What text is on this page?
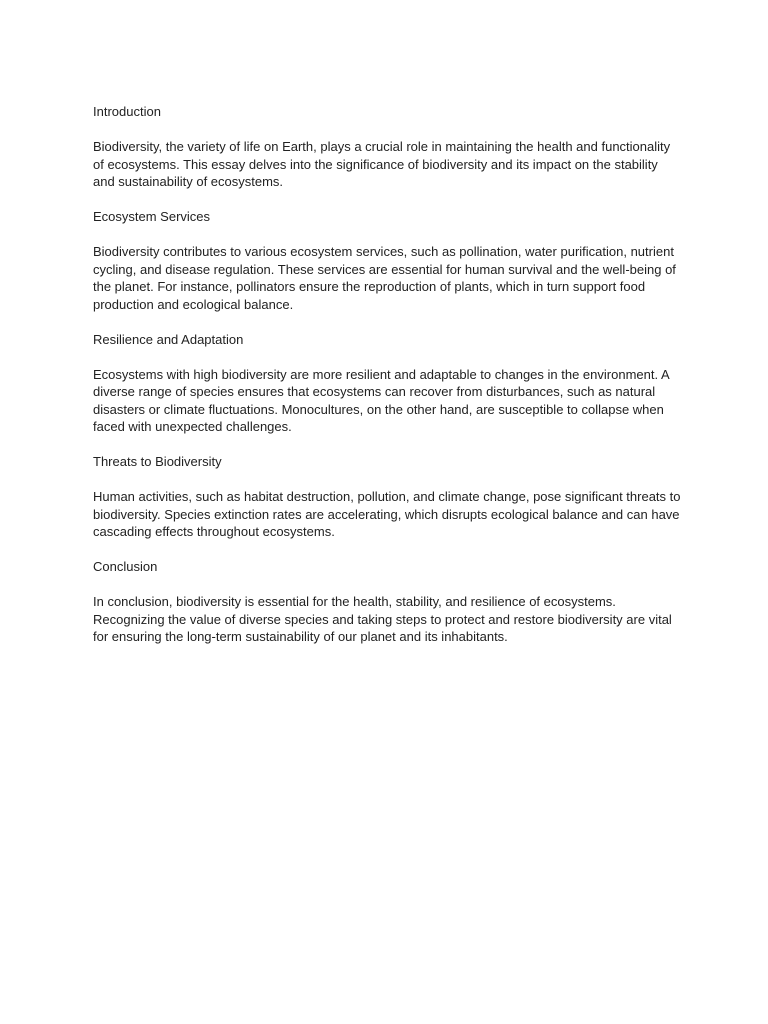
Introduction

Biodiversity, the variety of life on Earth, plays a crucial role in maintaining the health and functionality of ecosystems. This essay delves into the significance of biodiversity and its impact on the stability and sustainability of ecosystems.

Ecosystem Services

Biodiversity contributes to various ecosystem services, such as pollination, water purification, nutrient cycling, and disease regulation. These services are essential for human survival and the well-being of the planet. For instance, pollinators ensure the reproduction of plants, which in turn support food production and ecological balance.

Resilience and Adaptation

Ecosystems with high biodiversity are more resilient and adaptable to changes in the environment. A diverse range of species ensures that ecosystems can recover from disturbances, such as natural disasters or climate fluctuations. Monocultures, on the other hand, are susceptible to collapse when faced with unexpected challenges.

Threats to Biodiversity

Human activities, such as habitat destruction, pollution, and climate change, pose significant threats to biodiversity. Species extinction rates are accelerating, which disrupts ecological balance and can have cascading effects throughout ecosystems.

Conclusion

In conclusion, biodiversity is essential for the health, stability, and resilience of ecosystems. Recognizing the value of diverse species and taking steps to protect and restore biodiversity are vital for ensuring the long-term sustainability of our planet and its inhabitants.
